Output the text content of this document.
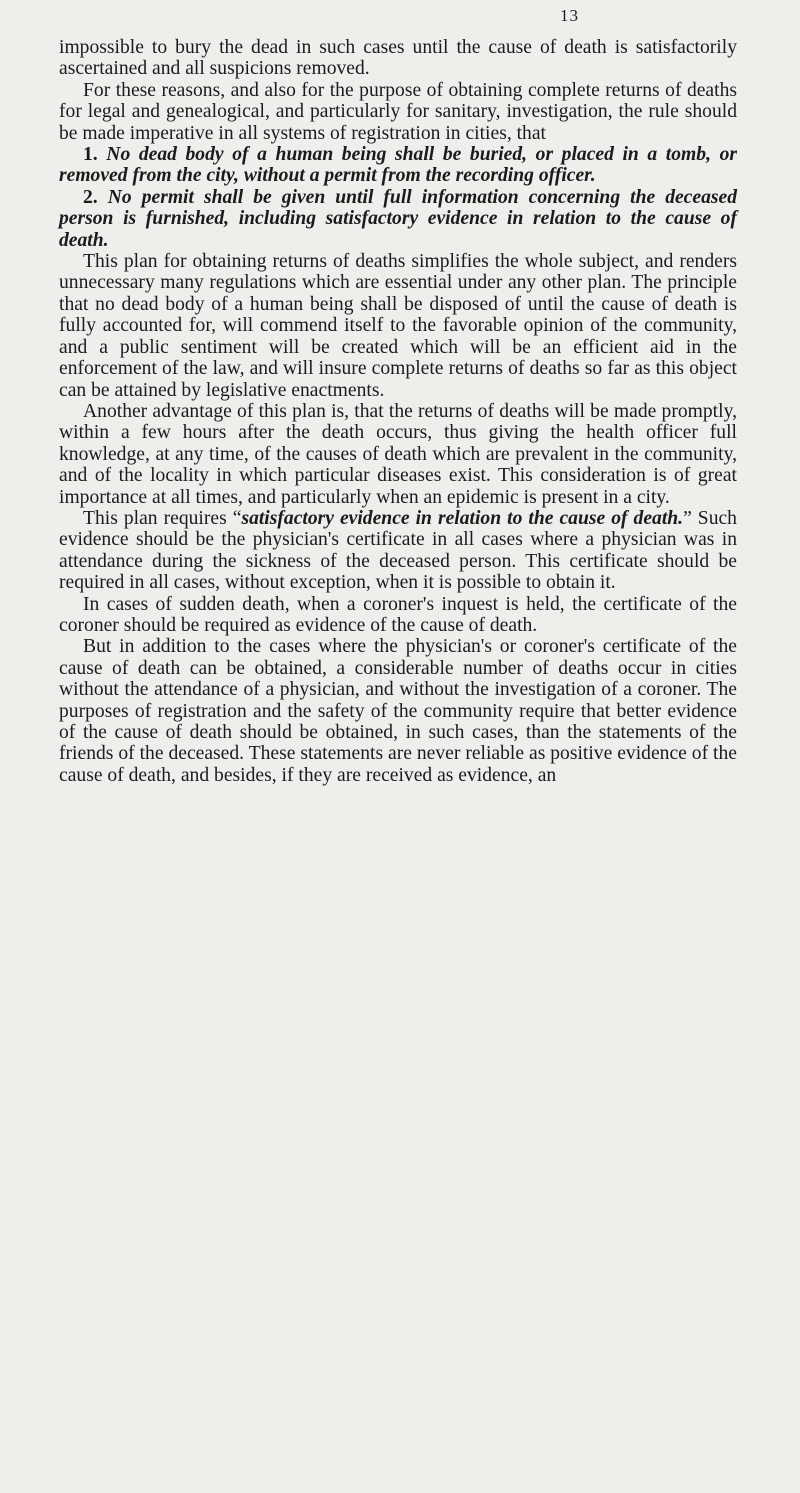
13

impossible to bury the dead in such cases until the cause of death is satisfactorily ascertained and all suspicions removed.

For these reasons, and also for the purpose of obtaining complete returns of deaths for legal and genealogical, and particularly for sanitary, investigation, the rule should be made imperative in all systems of registration in cities, that

1. No dead body of a human being shall be buried, or placed in a tomb, or removed from the city, without a permit from the recording officer.

2. No permit shall be given until full information concerning the deceased person is furnished, including satisfactory evidence in relation to the cause of death.

This plan for obtaining returns of deaths simplifies the whole subject, and renders unnecessary many regulations which are essential under any other plan. The principle that no dead body of a human being shall be disposed of until the cause of death is fully accounted for, will commend itself to the favorable opinion of the community, and a public sentiment will be created which will be an efficient aid in the enforcement of the law, and will insure complete returns of deaths so far as this object can be attained by legislative enactments.

Another advantage of this plan is, that the returns of deaths will be made promptly, within a few hours after the death occurs, thus giving the health officer full knowledge, at any time, of the causes of death which are prevalent in the community, and of the locality in which particular diseases exist. This consideration is of great importance at all times, and particularly when an epidemic is present in a city.

This plan requires “satisfactory evidence in relation to the cause of death.” Such evidence should be the physician's certificate in all cases where a physician was in attendance during the sickness of the deceased person. This certificate should be required in all cases, without exception, when it is possible to obtain it.

In cases of sudden death, when a coroner's inquest is held, the certificate of the coroner should be required as evidence of the cause of death.

But in addition to the cases where the physician's or coroner's certificate of the cause of death can be obtained, a considerable number of deaths occur in cities without the attendance of a physician, and without the investigation of a coroner. The purposes of registration and the safety of the community require that better evidence of the cause of death should be obtained, in such cases, than the statements of the friends of the deceased. These statements are never reliable as positive evidence of the cause of death, and besides, if they are received as evidence, an
